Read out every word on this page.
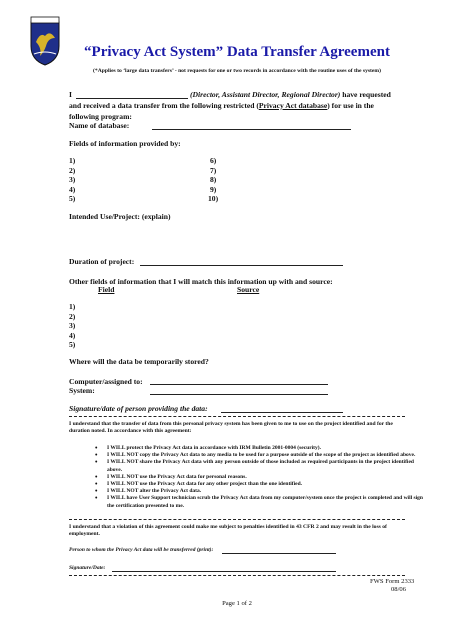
“Privacy Act System” Data Transfer Agreement
(*Applies to ‘large data transfers’ - not requests for one or two records in accordance with the routine uses of the system)
I	(Director, Assistant Director, Regional Director) have requested
and received a data transfer from the following restricted (Privacy Act database) for use in the
following program:
Name of database:
Fields of information provided by:
1)
2)
3)
4)
5)
6)
7)
8)
9)
10)
Intended Use/Project: (explain)
Duration of project:
Other fields of information that I will match this information up with and source:
Field	Source
1)
2)
3)
4)
5)
Where will the data be temporarily stored?
Computer/assigned to:
System:
Signature/date of person providing the data:
I understand that the transfer of data from this personal privacy system has been given to me to use on the project identified and for the duration noted. In accordance with this agreement:
• I WILL protect the Privacy Act data in accordance with IRM Bulletin 2001-0004 (security).
• I WILL NOT copy the Privacy Act data to any media to be used for a purpose outside of the scope of the project as identified above.
• I WILL NOT share the Privacy Act data with any person outside of those included as required participants in the project identified above.
• I WILL NOT use the Privacy Act data for personal reasons.
• I WILL NOT use the Privacy Act data for any other project than the one identified.
• I WILL NOT alter the Privacy Act data.
• I WILL have User Support technician scrub the Privacy Act data from my computer/system once the project is completed and will sign the certification presented to me.
I understand that a violation of this agreement could make me subject to penalties identified in 43 CFR 2 and may result in the loss of employment.
Person to whom the Privacy Act data will be transferred (print):
Signature/Date:
FWS Form 2333
08/06
Page 1 of 2
